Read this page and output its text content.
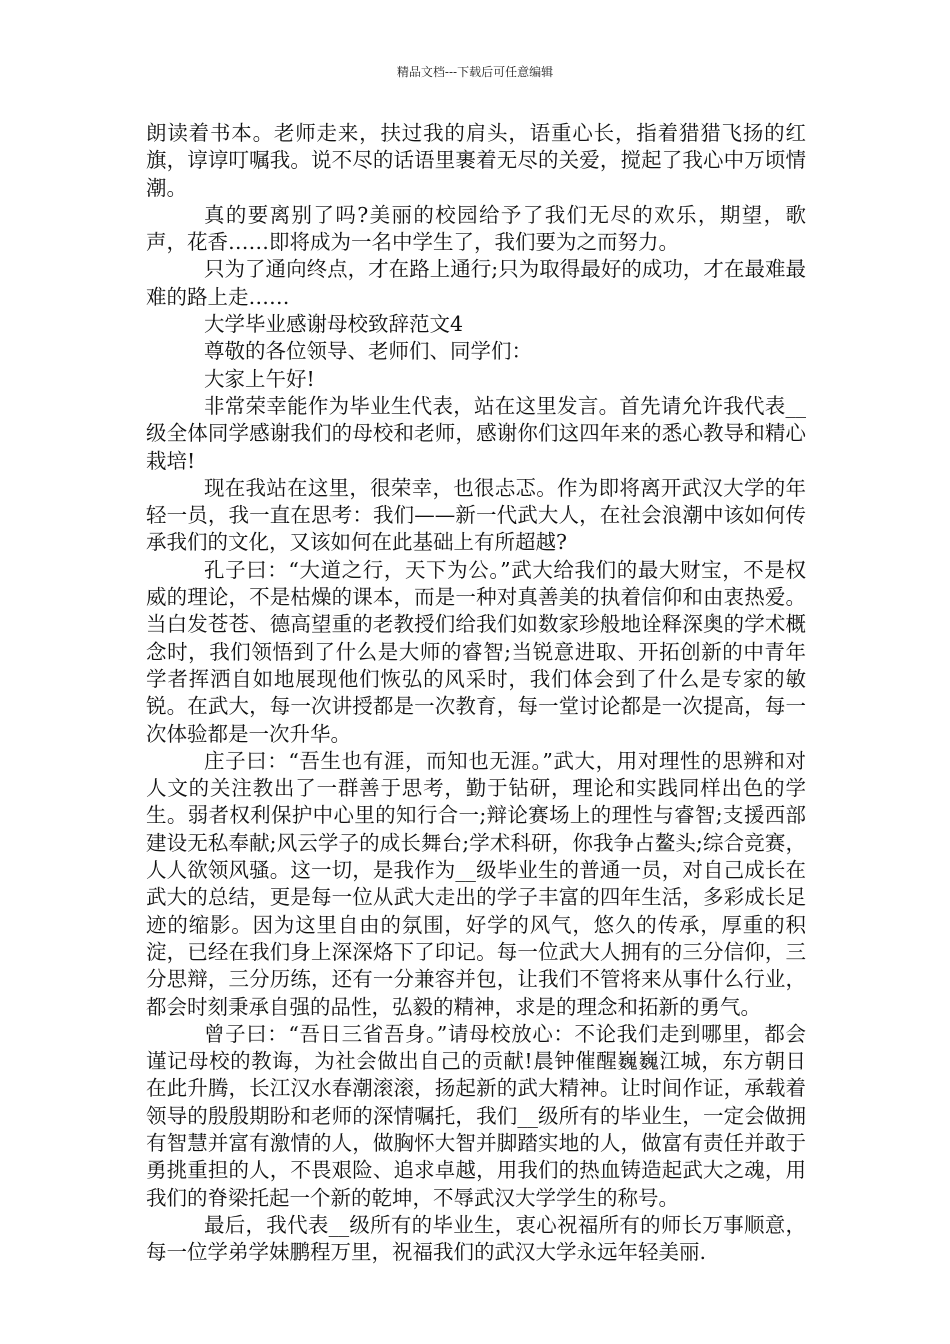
精品文档---下载后可任意编辑

朗读着书本。老师走来，扶过我的肩头，语重心长，指着猎猎飞扬的红旗，谆谆叮嘱我。说不尽的话语里裹着无尽的关爱，搅起了我心中万顷情潮。

真的要离别了吗?美丽的校园给予了我们无尽的欢乐，期望，歌声，花香……即将成为一名中学生了，我们要为之而努力。

只为了通向终点，才在路上通行;只为取得最好的成功，才在最难最难的路上走……

大学毕业感谢母校致辞范文4

尊敬的各位领导、老师们、同学们：

大家上午好!

非常荣幸能作为毕业生代表，站在这里发言。首先请允许我代表__级全体同学感谢我们的母校和老师，感谢你们这四年来的悉心教导和精心栽培!

现在我站在这里，很荣幸，也很忐忑。作为即将离开武汉大学的年轻一员，我一直在思考：我们——新一代武大人，在社会浪潮中该如何传承我们的文化，又该如何在此基础上有所超越?

孔子曰：“大道之行，天下为公。”武大给我们的最大财宝，不是权威的理论，不是枯燥的课本，而是一种对真善美的执着信仰和由衷热爱。当白发苍苍、德高望重的老教授们给我们如数家珍般地诠释深奥的学术概念时，我们领悟到了什么是大师的睿智;当锐意进取、开拓创新的中青年学者挥洒自如地展现他们恢弘的风采时，我们体会到了什么是专家的敏锐。在武大，每一次讲授都是一次教育，每一堂讨论都是一次提高，每一次体验都是一次升华。

庄子曰：“吾生也有涯，而知也无涯。”武大，用对理性的思辨和对人文的关注教出了一群善于思考，勤于钻研，理论和实践同样出色的学生。弱者权利保护中心里的知行合一;辩论赛场上的理性与睿智;支援西部建设无私奉献;风云学子的成长舞台;学术科研，你我争占鳌头;综合竞赛，人人欲领风骚。这一切，是我作为__级毕业生的普通一员，对自己成长在武大的总结，更是每一位从武大走出的学子丰富的四年生活，多彩成长足迹的缩影。因为这里自由的氛围，好学的风气，悠久的传承，厚重的积淀，已经在我们身上深深烙下了印记。每一位武大人拥有的三分信仰，三分思辩，三分历练，还有一分兼容并包，让我们不管将来从事什么行业，都会时刻秉承自强的品性，弘毅的精神，求是的理念和拓新的勇气。

曾子曰：“吾日三省吾身。”请母校放心：不论我们走到哪里，都会谨记母校的教诲，为社会做出自己的贡献!晨钟催醒巍巍江城，东方朝日在此升腾，长江汉水春潮滚滚，扬起新的武大精神。让时间作证，承载着领导的殷殷期盼和老师的深情嘱托，我们__级所有的毕业生，一定会做拥有智慧并富有激情的人，做胸怀大智并脚踏实地的人，做富有责任并敢于勇挑重担的人，不畏艰险、追求卓越，用我们的热血铸造起武大之魂，用我们的脊梁托起一个新的乾坤，不辱武汉大学学生的称号。

最后，我代表__级所有的毕业生，衷心祝福所有的师长万事顺意，每一位学弟学妹鹏程万里，祝福我们的武汉大学永远年轻美丽.
